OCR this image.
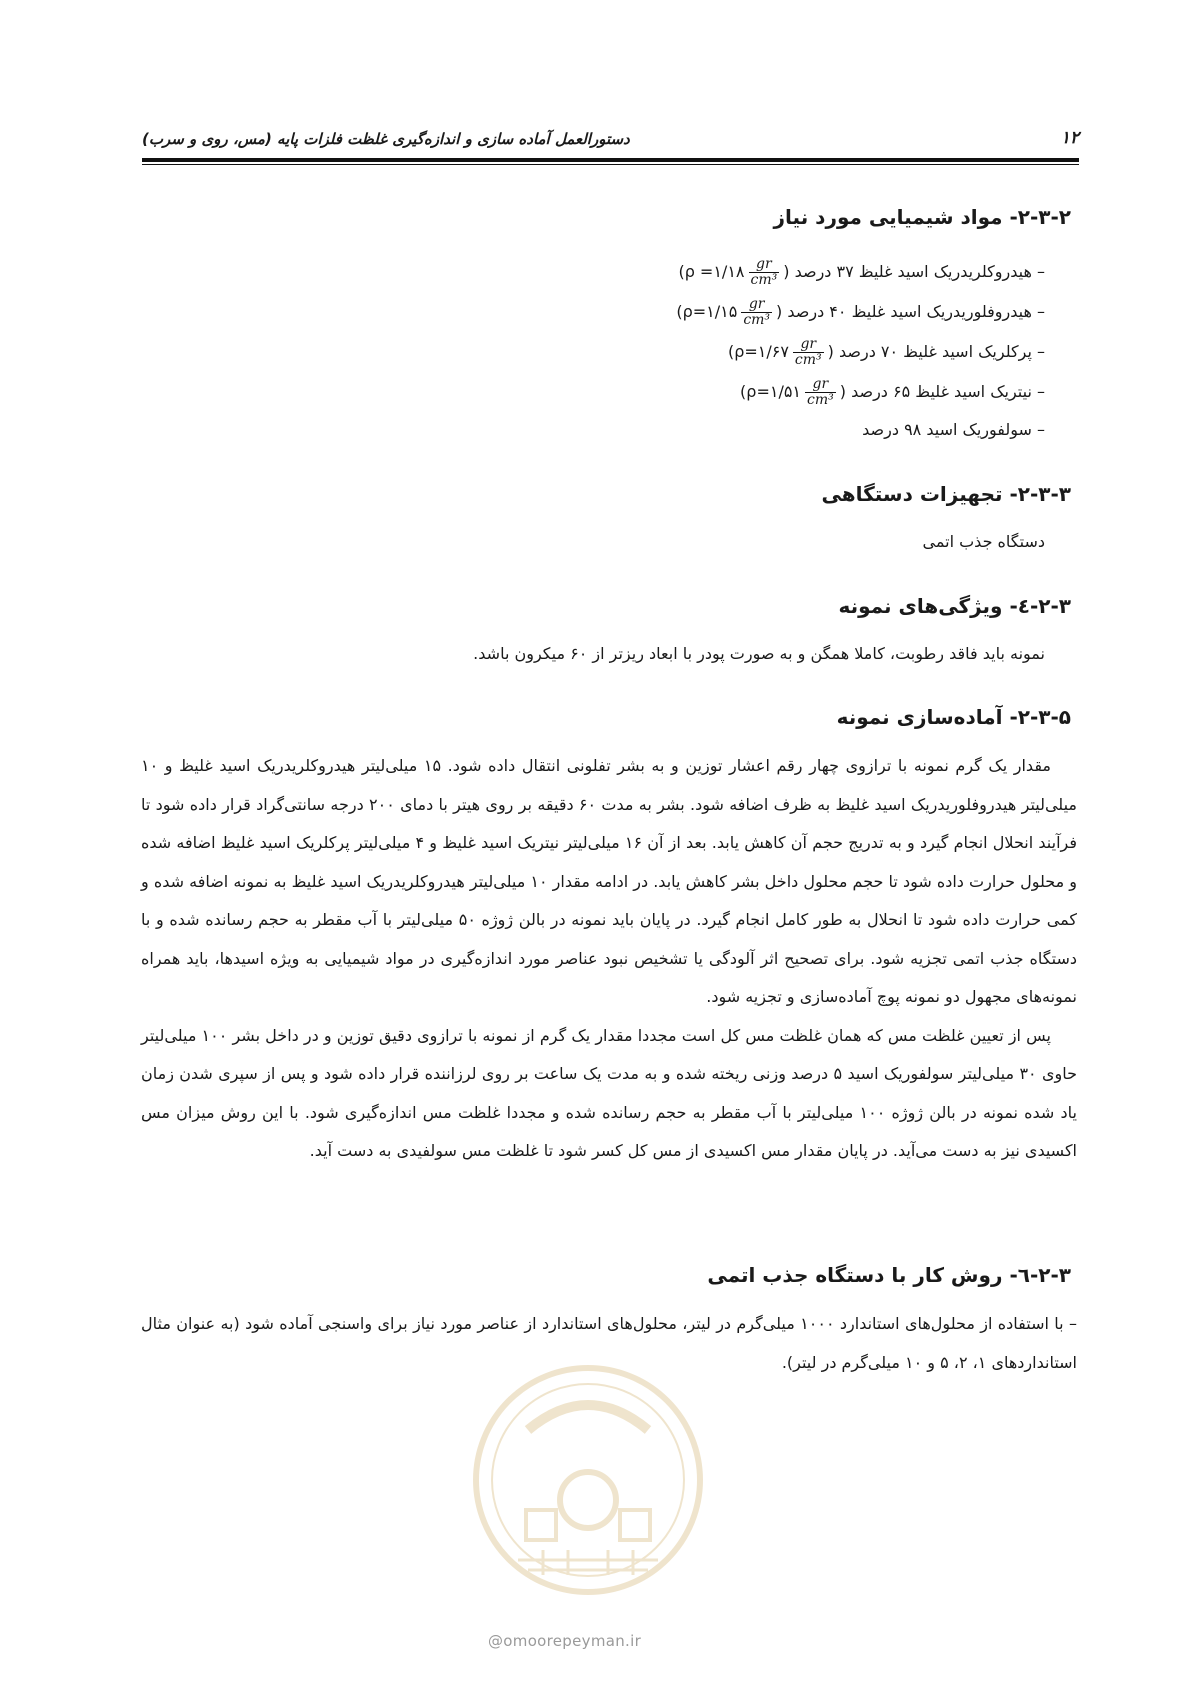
۱۲
دستورالعمل آماده سازی و اندازه‌گیری غلظت فلزات پایه (مس، روی و سرب)
۲-۳-۲- مواد شیمیایی مورد نیاز
– هیدروکلریدریک اسید غلیظ ۳۷ درصد (
$\frac{gr}{\text{cm³}}$
ρ =۱/۱۸)
– هیدروفلوریدریک اسید غلیظ ۴۰ درصد (
$\frac{gr}{\text{cm³}}$
ρ=۱/۱۵)
– پرکلریک اسید غلیظ ۷۰ درصد (
$\frac{gr}{\text{cm³}}$
ρ=۱/۶۷)
– نیتریک اسید غلیظ ۶۵ درصد (
$\frac{gr}{\text{cm³}}$
ρ=۱/۵۱)
– سولفوریک اسید ۹۸ درصد
۲-۳-۳- تجهیزات دستگاهی
دستگاه جذب اتمی
۲-۳-٤- ویژگی‌های نمونه
نمونه باید فاقد رطوبت، کاملا همگن و به صورت پودر با ابعاد ریزتر از ۶۰ میکرون باشد.
۲-۳-۵- آماده‌سازی نمونه

مقدار یک گرم نمونه با ترازوی چهار رقم اعشار توزین و به بشر تفلونی انتقال داده شود. ۱۵ میلی‌لیتر هیدروکلریدریک اسید غلیظ و ۱۰ میلی‌لیتر هیدروفلوریدریک اسید غلیظ به ظرف اضافه شود. بشر به مدت ۶۰ دقیقه بر روی هیتر با دمای ۲۰۰ درجه سانتی‌گراد قرار داده شود تا فرآیند انحلال انجام گیرد و به تدریج حجم آن کاهش یابد. بعد از آن ۱۶ میلی‌لیتر نیتریک اسید غلیظ و ۴ میلی‌لیتر پرکلریک اسید غلیظ اضافه شده و محلول حرارت داده شود تا حجم محلول داخل بشر کاهش یابد. در ادامه مقدار ۱۰ میلی‌لیتر هیدروکلریدریک اسید غلیظ به نمونه اضافه شده و کمی حرارت داده شود تا انحلال به طور کامل انجام گیرد. در پایان باید نمونه در بالن ژوژه ۵۰ میلی‌لیتر با آب مقطر به حجم رسانده شده و با دستگاه جذب اتمی تجزیه شود. برای تصحیح اثر آلودگی یا تشخیص نبود عناصر مورد اندازه‌گیری در مواد شیمیایی به ویژه اسیدها، باید همراه نمونه‌های مجهول دو نمونه پوچ آماده‌سازی و تجزیه شود.

پس از تعیین غلظت مس که همان غلظت مس کل است مجددا مقدار یک گرم از نمونه با ترازوی دقیق توزین و در داخل بشر ۱۰۰ میلی‌لیتر حاوی ۳۰ میلی‌لیتر سولفوریک اسید ۵ درصد وزنی ریخته شده و به مدت یک ساعت بر روی لرزاننده قرار داده شود و پس از سپری شدن زمان یاد شده نمونه در بالن ژوژه ۱۰۰ میلی‌لیتر با آب مقطر به حجم رسانده شده و مجددا غلظت مس اندازه‌گیری شود. با این روش میزان مس اکسیدی نیز به دست می‌آید. در پایان مقدار مس اکسیدی از مس کل کسر شود تا غلظت مس سولفیدی به دست آید.

۲-۳-٦- روش کار با دستگاه جذب اتمی

– با استفاده از محلول‌های استاندارد ۱۰۰۰ میلی‌گرم در لیتر، محلول‌های استاندارد از عناصر مورد نیاز برای واسنجی آماده شود (به عنوان مثال استانداردهای ۱، ۲، ۵ و ۱۰ میلی‌گرم در لیتر).

@omoorepeyman.ir
